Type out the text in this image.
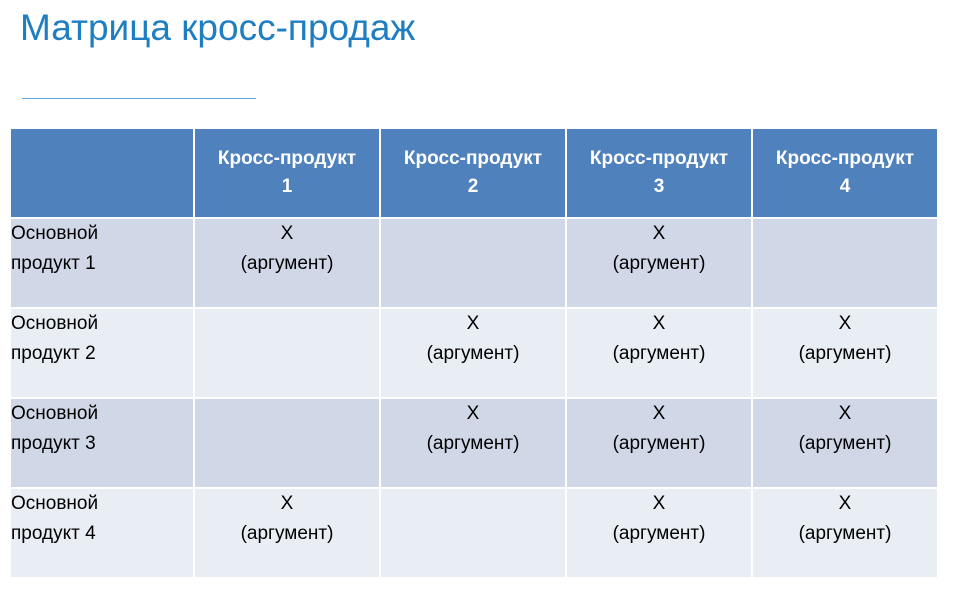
Матрица кросс-продаж
	Кросс-продукт
1	Кросс-продукт
2	Кросс-продукт
3	Кросс-продукт
4
Основной
продукт 1	X
(аргумент)		X
(аргумент)	

Основной
продукт 2		X
(аргумент)	X
(аргумент)	X
(аргумент)

Основной
продукт 3		X
(аргумент)	X
(аргумент)	X
(аргумент)

Основной
продукт 4	X
(аргумент)		X
(аргумент)	X
(аргумент)
